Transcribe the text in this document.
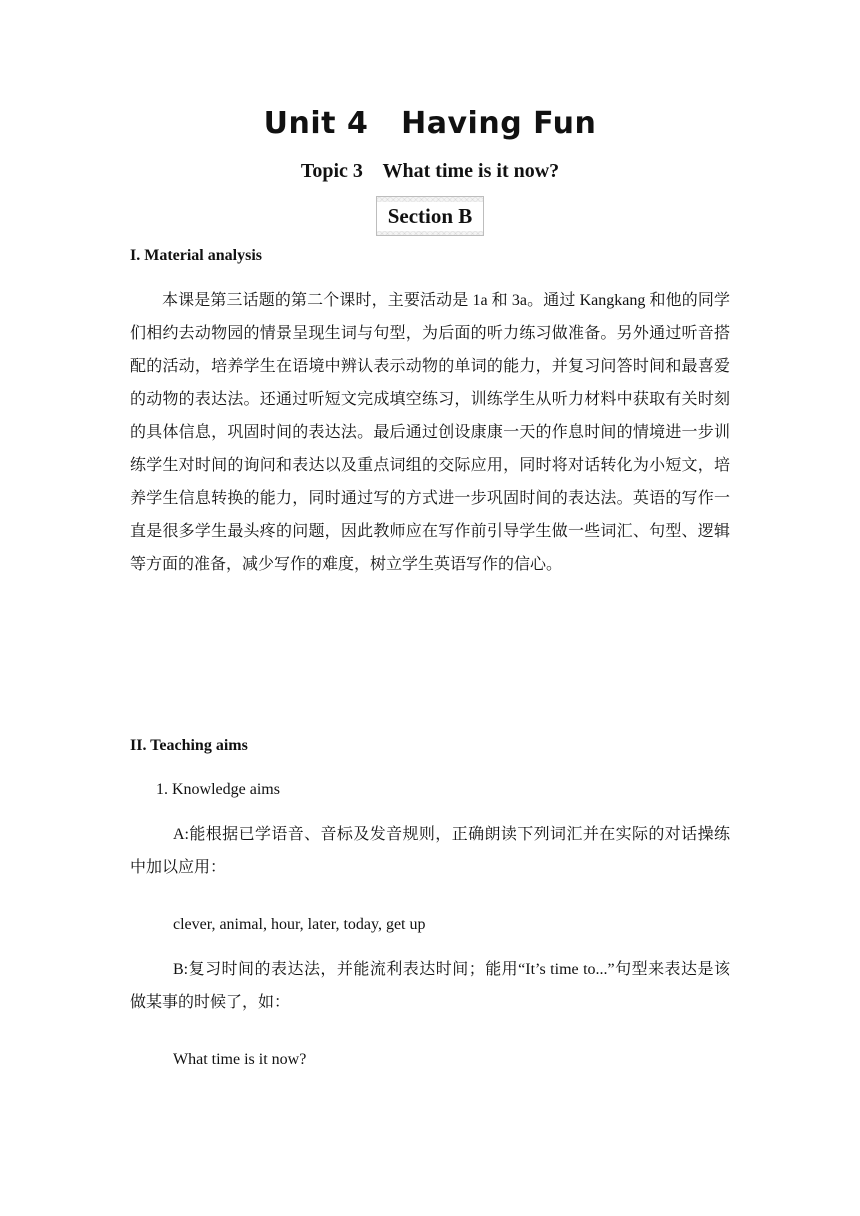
Unit 4   Having Fun
Topic 3    What time is it now?
Section B
I. Material analysis
本课是第三话题的第二个课时，主要活动是 1a 和 3a。通过 Kangkang 和他的同学们相约去动物园的情景呈现生词与句型，为后面的听力练习做准备。另外通过听音搭配的活动，培养学生在语境中辨认表示动物的单词的能力，并复习问答时间和最喜爱的动物的表达法。还通过听短文完成填空练习，训练学生从听力材料中获取有关时刻的具体信息，巩固时间的表达法。最后通过创设康康一天的作息时间的情境进一步训练学生对时间的询问和表达以及重点词组的交际应用，同时将对话转化为小短文，培养学生信息转换的能力，同时通过写的方式进一步巩固时间的表达法。英语的写作一直是很多学生最头疼的问题，因此教师应在写作前引导学生做一些词汇、句型、逻辑等方面的准备，减少写作的难度，树立学生英语写作的信心。
II. Teaching aims
1. Knowledge aims
A:能根据已学语音、音标及发音规则，正确朗读下列词汇并在实际的对话操练中加以应用：
clever, animal, hour, later, today, get up
B:复习时间的表达法，并能流利表达时间；能用“It’s time to...”句型来表达是该做某事的时候了，如：
What time is it now?
